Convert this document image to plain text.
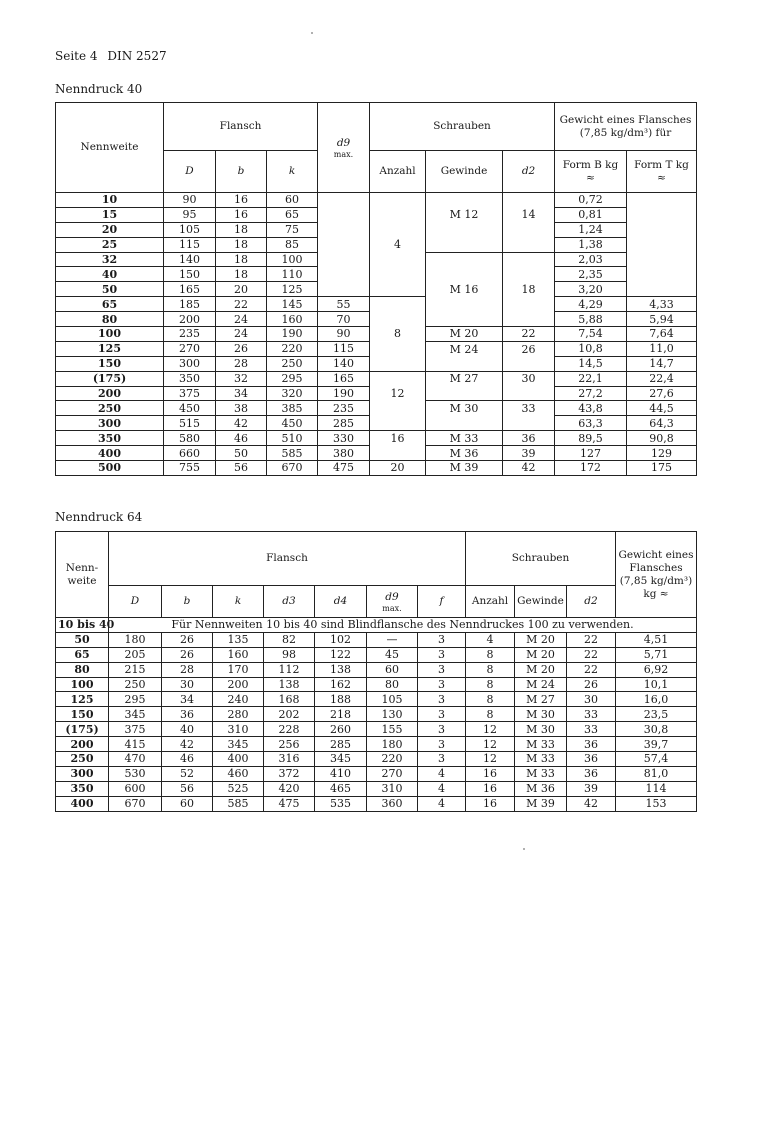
Seite 4 DIN 2527
Nenndruck 40
Nennweite	Flansch			d9
max.	Schrauben			Gewicht eines Flansches (7,85 kg/dm³) für	
	D	b	k		Anzahl	Gewinde	d2	Form B kg ≈	Form T kg ≈
10	90	16	60					0,72	
15	95	16	65			M 12	14	0,81	
20	105	18	75					1,24	
25	115	18	85		4			1,38	
32	140	18	100					2,03	
40	150	18	110					2,35	
50	165	20	125			M 16	18	3,20	
65	185	22	145	55				4,29	4,33
80	200	24	160	70				5,88	5,94
100	235	24	190	90	8	M 20	22	7,54	7,64
125	270	26	220	115		M 24	26	10,8	11,0
150	300	28	250	140				14,5	14,7
(175)	350	32	295	165		M 27	30	22,1	22,4
200	375	34	320	190	12			27,2	27,6
250	450	38	385	235		M 30	33	43,8	44,5
300	515	42	450	285				63,3	64,3
350	580	46	510	330	16	M 33	36	89,5	90,8
400	660	50	585	380		M 36	39	127	129
500	755	56	670	475	20	M 39	42	172	175
Nenndruck 64
Nenn-weite	Flansch							Schrauben			Gewicht eines Flansches (7,85 kg/dm³) kg ≈
	D	b	k	d3	d4	d9
max.	f	Anzahl	Gewinde	d2	
10 bis 40	Für Nennweiten 10 bis 40 sind Blindflansche des Nenndruckes 100 zu verwenden.										
50	180	26	135	82	102	—	3	4	M 20	22	4,51
65	205	26	160	98	122	45	3	8	M 20	22	5,71
80	215	28	170	112	138	60	3	8	M 20	22	6,92
100	250	30	200	138	162	80	3	8	M 24	26	10,1
125	295	34	240	168	188	105	3	8	M 27	30	16,0
150	345	36	280	202	218	130	3	8	M 30	33	23,5
(175)	375	40	310	228	260	155	3	12	M 30	33	30,8
200	415	42	345	256	285	180	3	12	M 33	36	39,7
250	470	46	400	316	345	220	3	12	M 33	36	57,4
300	530	52	460	372	410	270	4	16	M 33	36	81,0
350	600	56	525	420	465	310	4	16	M 36	39	114
400	670	60	585	475	535	360	4	16	M 39	42	153
